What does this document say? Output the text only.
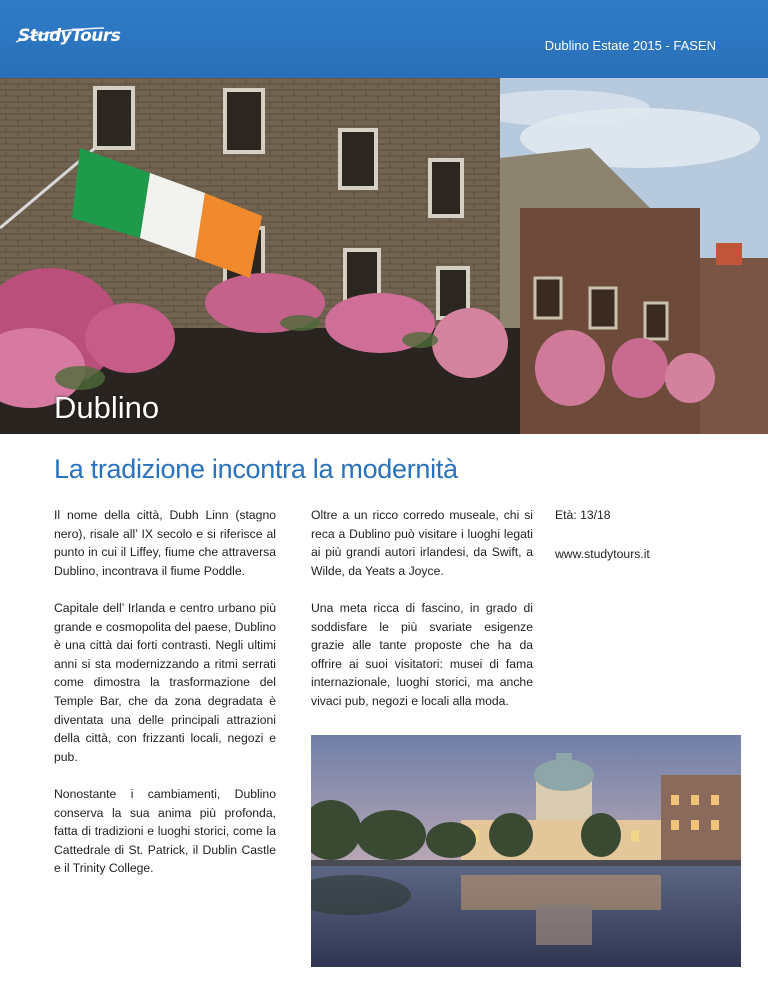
StudyTours	Dublino Estate 2015 - FASEN
Dublino
La tradizione incontra la modernità

Il nome della città, Dubh Linn (stagno nero), risale all’ IX secolo e si riferisce al punto in cui il Liffey, fiume che attraversa Dublino, incontrava il fiume Poddle.

Capitale dell’ Irlanda e centro urbano più grande e cosmopolita del paese, Dublino è una città dai forti contrasti. Negli ultimi anni si sta modernizzando a ritmi serrati come dimostra la trasformazione del Temple Bar, che da zona degradata è diventata una delle principali attrazioni della città, con frizzanti locali, negozi e pub.

Nonostante i cambiamenti, Dublino conserva la sua anima più profonda, fatta di tradizioni e luoghi storici, come la Cattedrale di St. Patrick, il Dublin Castle e il Trinity College.

Oltre a un ricco corredo museale, chi si reca a Dublino può visitare i luoghi legati ai più grandi autori irlandesi, da Swift, a Wilde, da Yeats a Joyce.

Una meta ricca di fascino, in grado di soddisfare le più svariate esigenze grazie alle tante proposte che ha da offrire ai suoi visitatori: musei di fama internazionale, luoghi storici, ma anche vivaci pub, negozi e locali alla moda.

Età: 13/18

www.studytours.it
